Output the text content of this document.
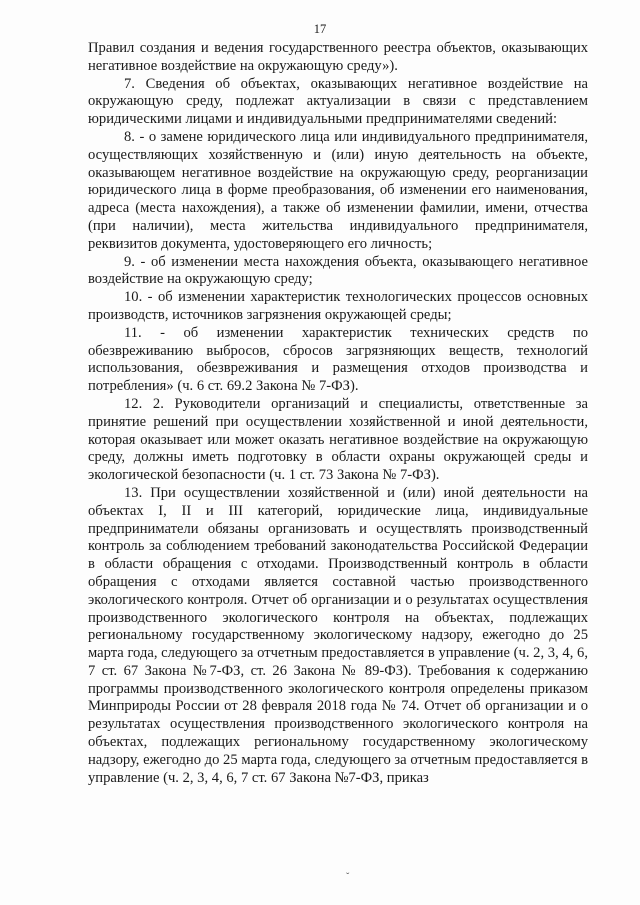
17

Правил создания и ведения государственного реестра объектов, оказывающих негативное воздействие на окружающую среду»).

7. Сведения об объектах, оказывающих негативное воздействие на окружающую среду, подлежат актуализации в связи с представлением юридическими лицами и индивидуальными предпринимателями сведений:

8. - о замене юридического лица или индивидуального предпринимателя, осуществляющих хозяйственную и (или) иную деятельность на объекте, оказывающем негативное воздействие на окружающую среду, реорганизации юридического лица в форме преобразования, об изменении его наименования, адреса (места нахождения), а также об изменении фамилии, имени, отчества (при наличии), места жительства индивидуального предпринимателя, реквизитов документа, удостоверяющего его личность;

9. - об изменении места нахождения объекта, оказывающего негативное воздействие на окружающую среду;

10. - об изменении характеристик технологических процессов основных производств, источников загрязнения окружающей среды;

11. - об изменении характеристик технических средств по обезвреживанию выбросов, сбросов загрязняющих веществ, технологий использования, обезвреживания и размещения отходов производства и потребления» (ч. 6 ст. 69.2 Закона № 7-ФЗ).

12. 2. Руководители организаций и специалисты, ответственные за принятие решений при осуществлении хозяйственной и иной деятельности, которая оказывает или может оказать негативное воздействие на окружающую среду, должны иметь подготовку в области охраны окружающей среды и экологической безопасности (ч. 1 ст. 73 Закона № 7-ФЗ).

13. При осуществлении хозяйственной и (или) иной деятельности на объектах I, II и III категорий, юридические лица, индивидуальные предприниматели обязаны организовать и осуществлять производственный контроль за соблюдением требований законодательства Российской Федерации в области обращения с отходами. Производственный контроль в области обращения с отходами является составной частью производственного экологического контроля. Отчет об организации и о результатах осуществления производственного экологического контроля на объектах, подлежащих региональному государственному экологическому надзору, ежегодно до 25 марта года, следующего за отчетным предоставляется в управление (ч. 2, 3, 4, 6, 7 ст. 67 Закона №7-ФЗ, ст. 26 Закона № 89-ФЗ). Требования к содержанию программы производственного экологического контроля определены приказом Минприроды России от 28 февраля 2018 года № 74. Отчет об организации и о результатах осуществления производственного экологического контроля на объектах, подлежащих региональному государственному экологическому надзору, ежегодно до 25 марта года, следующего за отчетным предоставляется в управление (ч. 2, 3, 4, 6, 7 ст. 67 Закона №7-ФЗ, приказ

ˇ
